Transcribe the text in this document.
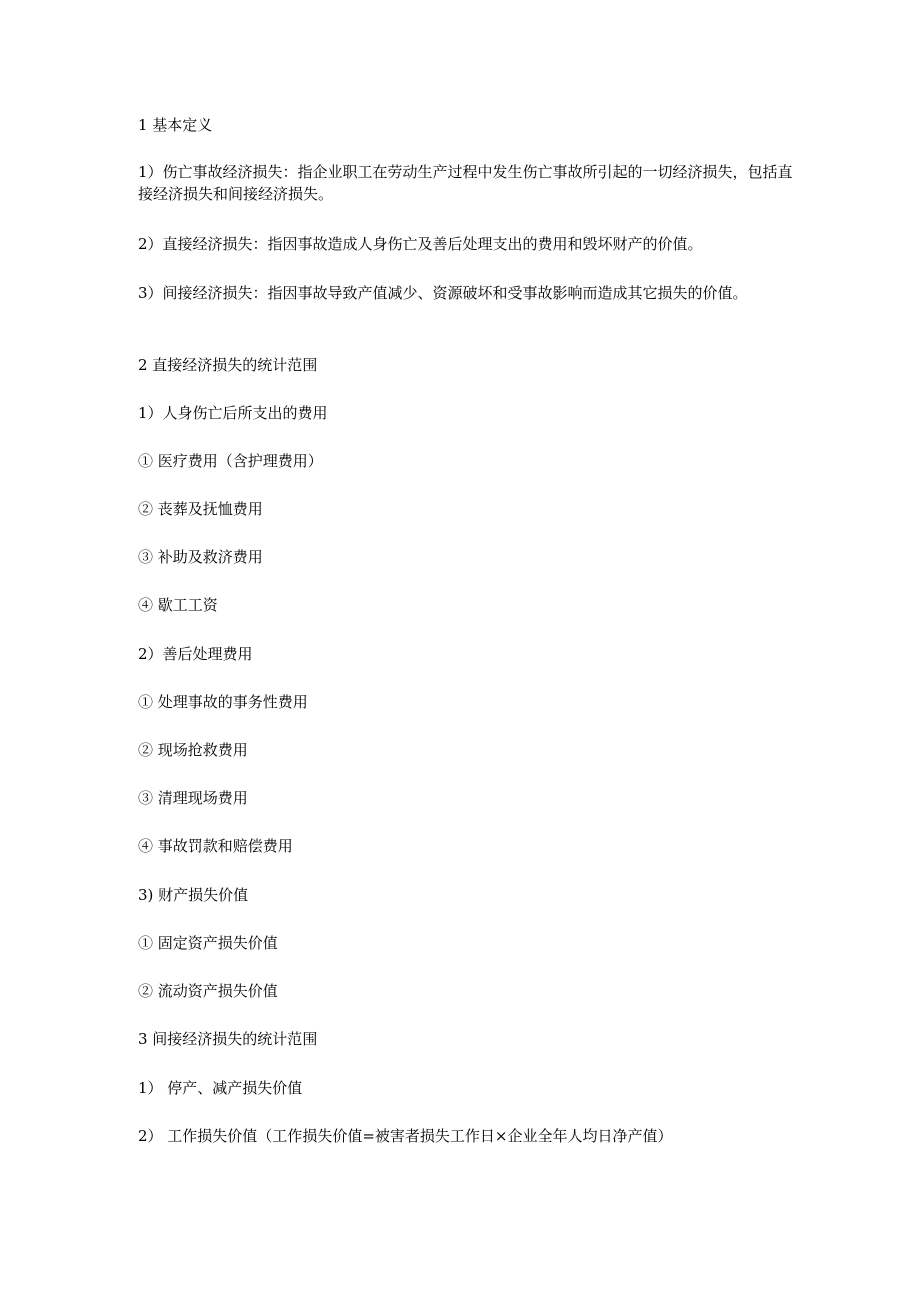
1 基本定义
1）伤亡事故经济损失：指企业职工在劳动生产过程中发生伤亡事故所引起的一切经济损失，包括直接经济损失和间接经济损失。
2）直接经济损失：指因事故造成人身伤亡及善后处理支出的费用和毁坏财产的价值。
3）间接经济损失：指因事故导致产值减少、资源破坏和受事故影响而造成其它损失的价值。
2 直接经济损失的统计范围
1）人身伤亡后所支出的费用
① 医疗费用（含护理费用）
② 丧葬及抚恤费用
③ 补助及救济费用
④ 歇工工资
2）善后处理费用
① 处理事故的事务性费用
② 现场抢救费用
③ 清理现场费用
④ 事故罚款和赔偿费用
3) 财产损失价值
① 固定资产损失价值
② 流动资产损失价值
3 间接经济损失的统计范围
1） 停产、减产损失价值
2） 工作损失价值（工作损失价值=被害者损失工作日×企业全年人均日净产值）
